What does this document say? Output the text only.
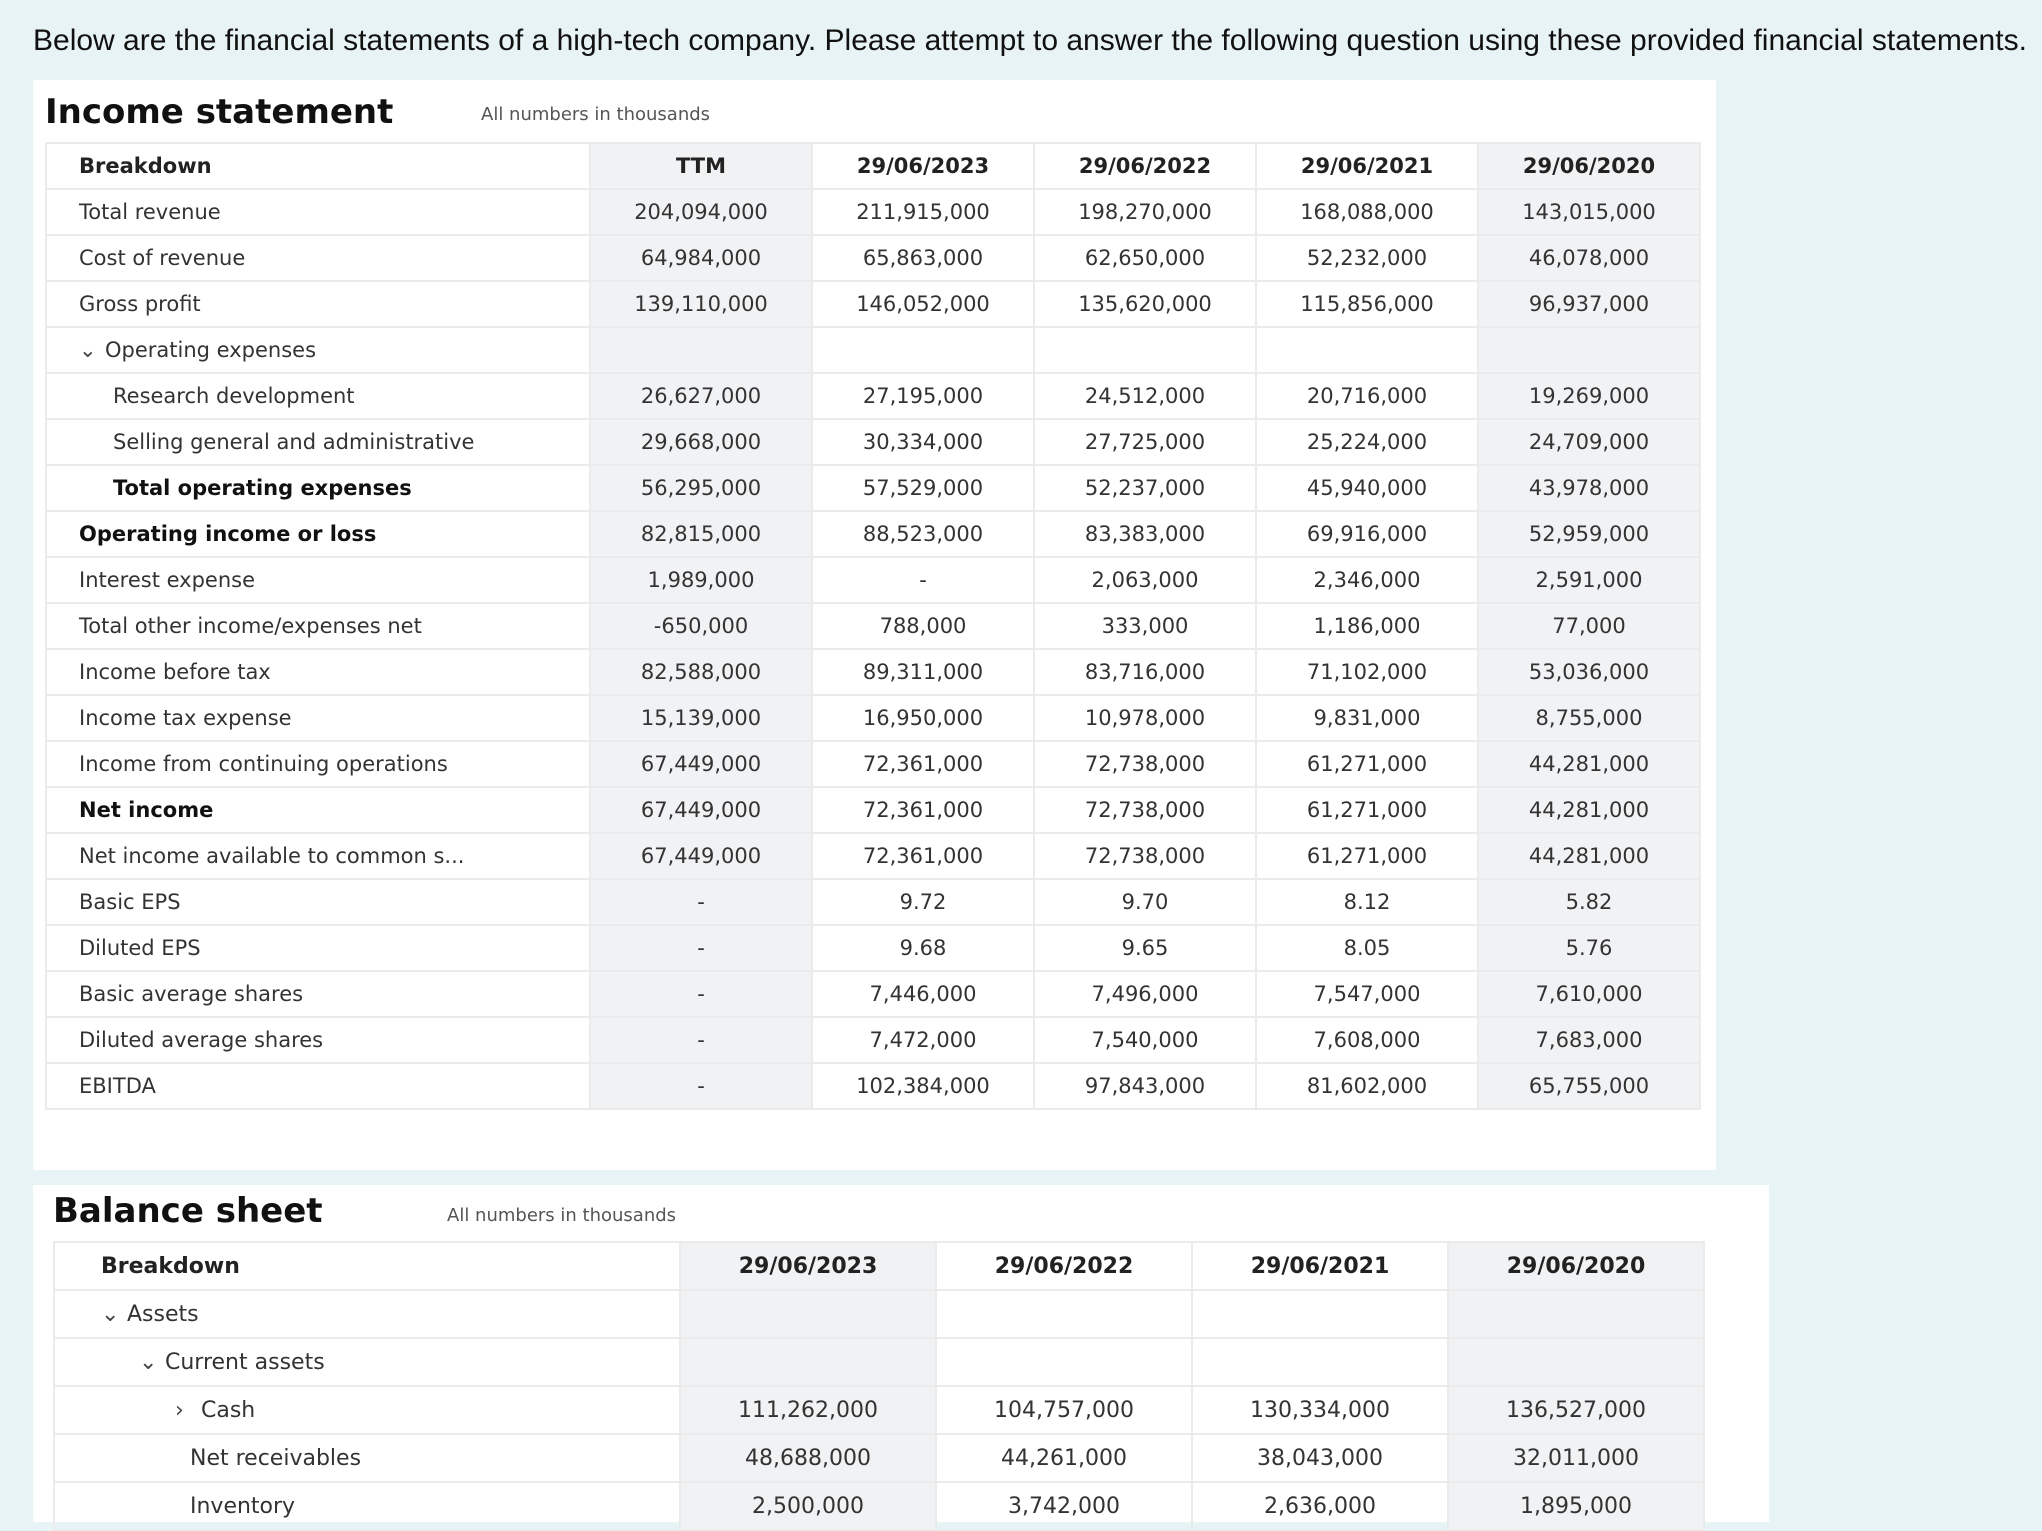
Below are the financial statements of a high-tech company. Please attempt to answer the following question using these provided financial statements.
Income statement	All numbers in thousands
Breakdown	TTM	29/06/2023	29/06/2022	29/06/2021	29/06/2020
Total revenue	204,094,000	211,915,000	198,270,000	168,088,000	143,015,000
Cost of revenue	64,984,000	65,863,000	62,650,000	52,232,000	46,078,000
Gross profit	139,110,000	146,052,000	135,620,000	115,856,000	96,937,000
⌄ Operating expenses					
Research development	26,627,000	27,195,000	24,512,000	20,716,000	19,269,000
Selling general and administrative	29,668,000	30,334,000	27,725,000	25,224,000	24,709,000
Total operating expenses	56,295,000	57,529,000	52,237,000	45,940,000	43,978,000
Operating income or loss	82,815,000	88,523,000	83,383,000	69,916,000	52,959,000
Interest expense	1,989,000	-	2,063,000	2,346,000	2,591,000
Total other income/expenses net	-650,000	788,000	333,000	1,186,000	77,000
Income before tax	82,588,000	89,311,000	83,716,000	71,102,000	53,036,000
Income tax expense	15,139,000	16,950,000	10,978,000	9,831,000	8,755,000
Income from continuing operations	67,449,000	72,361,000	72,738,000	61,271,000	44,281,000
Net income	67,449,000	72,361,000	72,738,000	61,271,000	44,281,000
Net income available to common s...	67,449,000	72,361,000	72,738,000	61,271,000	44,281,000
Basic EPS	-	9.72	9.70	8.12	5.82
Diluted EPS	-	9.68	9.65	8.05	5.76
Basic average shares	-	7,446,000	7,496,000	7,547,000	7,610,000
Diluted average shares	-	7,472,000	7,540,000	7,608,000	7,683,000
EBITDA	-	102,384,000	97,843,000	81,602,000	65,755,000
Balance sheet	All numbers in thousands
Breakdown	29/06/2023	29/06/2022	29/06/2021	29/06/2020
⌄ Assets				
⌄ Current assets				
› Cash	111,262,000	104,757,000	130,334,000	136,527,000
Net receivables	48,688,000	44,261,000	38,043,000	32,011,000
Inventory	2,500,000	3,742,000	2,636,000	1,895,000
